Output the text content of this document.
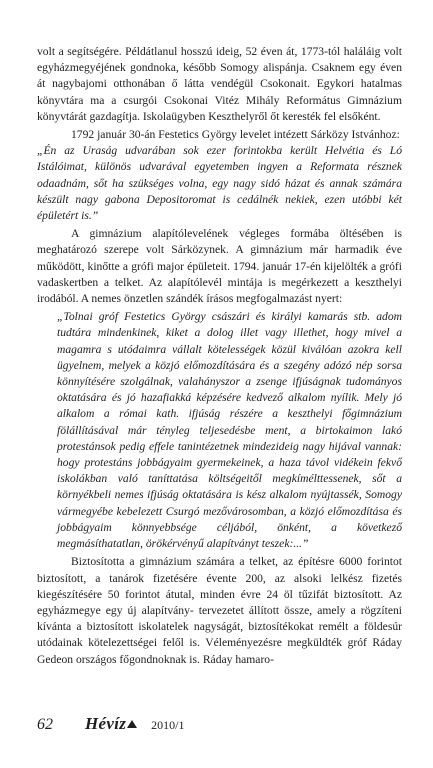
volt a segítségére. Példátlanul hosszú ideig, 52 éven át, 1773-tól haláláig volt egyházmegyéjének gondnoka, később Somogy alispánja. Csaknem egy éven át nagybajomi otthonában ő látta vendégül Csokonait. Egykori hatalmas könyvtára ma a csurgói Csokonai Vitéz Mihály Református Gimnázium könyvtárát gazdagítja. Iskolaügyben Keszthelyről őt keresték fel elsőként.

1792 január 30-án Festetics György levelet intézett Sárközy Istvánhoz:

„Én az Uraság udvarában sok ezer forintokba került Helvétia és Ló Istálóimat, különös udvarával egyetemben ingyen a Reformata résznek odaadnám, sőt ha szükséges volna, egy nagy sidó házat és annak számára készült nagy gabona Depositoromat is cedálnék nekiek, ezen utóbbi két épületért is.”

A gimnázium alapítólevelének végleges formába öltésében is meghatározó szerepe volt Sárközynek. A gimnázium már harmadik éve működött, kinőtte a grófi major épületeit. 1794. január 17-én kijelölték a grófi vadaskertben a telket. Az alapítólevél mintája is megérkezett a keszthelyi irodából. A nemes önzetlen szándék írásos megfogalmazást nyert:

„Tolnai gróf Festetics György császári és királyi kamarás stb. adom tudtára mindenkinek, kiket a dolog illet vagy illethet, hogy mivel a magamra s utódaimra vállalt kötelességek közül kiválóan azokra kell ügyelnem, melyek a közjó előmozdítására és a szegény adózó nép sorsa könnyítésére szolgálnak, valahányszor a zsenge ifjúságnak tudományos oktatására és jó hazafiakká képzésére kedvező alkalom nyílik. Mely jó alkalom a római kath. ifjúság részére a keszthelyi főgimnázium fölállításával már tényleg teljesedésbe ment, a birtokaimon lakó protestánsok pedig effele tanintézetnek mindezideig nagy hijával vannak: hogy protestáns jobbágyaim gyermekeinek, a haza távol vidékein fekvő iskolákban való taníttatása költségeitől megkímélttessenek, sőt a környékbeli nemes ifjúság oktatására is kész alkalom nyújtassék, Somogy vármegyébe kebelezett Csurgó mezővárosomban, a közjó előmozdítása és jobbágyaim könnyebbsége céljából, önként, a következő megmásíthatatlan, örökérvényű alapítványt teszek:...”

Biztosította a gimnázium számára a telket, az építésre 6000 forintot biztosított, a tanárok fizetésére évente 200, az alsoki lelkész fizetés kiegészítésére 50 forintot átutal, minden évre 24 öl tűzifát biztosított. Az egyházmegye egy új alapítvány- tervezetet állított össze, amely a rögzíteni kívánta a biztosított iskolatelek nagyságát, biztosítékokat remélt a földesúr utódainak kötelezettségei felől is. Véleményezésre megküldték gróf Ráday Gedeon országos főgondnoknak is. Ráday hamaro-

62	Hévíz 2010/1
